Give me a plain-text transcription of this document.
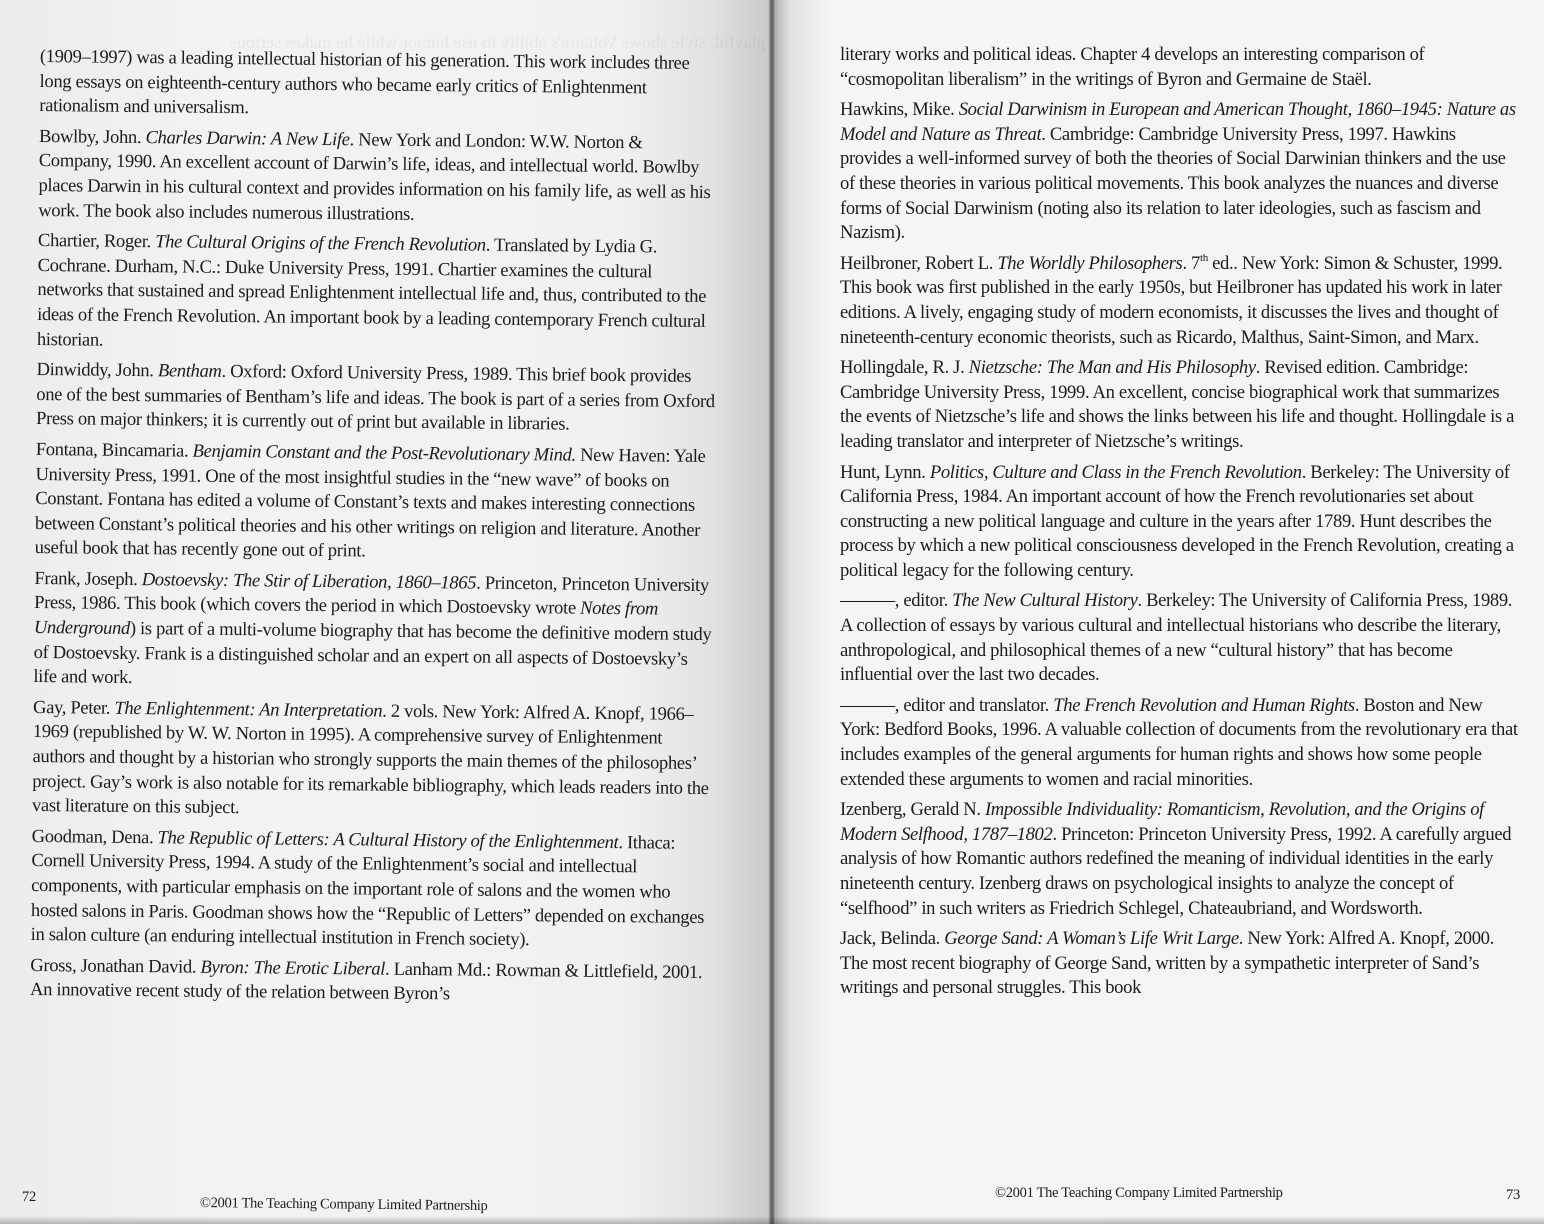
playful, style shows Voltaire's ability to use humor while he makes serious

(1909–1997) was a leading intellectual historian of his generation. This work includes three long essays on eighteenth-century authors who became early critics of Enlightenment rationalism and universalism.

Bowlby, John. Charles Darwin: A New Life. New York and London: W.W. Norton & Company, 1990. An excellent account of Darwin’s life, ideas, and intellectual world. Bowlby places Darwin in his cultural context and provides information on his family life, as well as his work. The book also includes numerous illustrations.

Chartier, Roger. The Cultural Origins of the French Revolution. Translated by Lydia G. Cochrane. Durham, N.C.: Duke University Press, 1991. Chartier examines the cultural networks that sustained and spread Enlightenment intellectual life and, thus, contributed to the ideas of the French Revolution. An important book by a leading contemporary French cultural historian.

Dinwiddy, John. Bentham. Oxford: Oxford University Press, 1989. This brief book provides one of the best summaries of Bentham’s life and ideas. The book is part of a series from Oxford Press on major thinkers; it is currently out of print but available in libraries.

Fontana, Bincamaria. Benjamin Constant and the Post-Revolutionary Mind. New Haven: Yale University Press, 1991. One of the most insightful studies in the “new wave” of books on Constant. Fontana has edited a volume of Constant’s texts and makes interesting connections between Constant’s political theories and his other writings on religion and literature. Another useful book that has recently gone out of print.

Frank, Joseph. Dostoevsky: The Stir of Liberation, 1860–1865. Princeton, Princeton University Press, 1986. This book (which covers the period in which Dostoevsky wrote Notes from Underground) is part of a multi-volume biography that has become the definitive modern study of Dostoevsky. Frank is a distinguished scholar and an expert on all aspects of Dostoevsky’s life and work.

Gay, Peter. The Enlightenment: An Interpretation. 2 vols. New York: Alfred A. Knopf, 1966–1969 (republished by W. W. Norton in 1995). A comprehensive survey of Enlightenment authors and thought by a historian who strongly supports the main themes of the philosophes’ project. Gay’s work is also notable for its remarkable bibliography, which leads readers into the vast literature on this subject.

Goodman, Dena. The Republic of Letters: A Cultural History of the Enlightenment. Ithaca: Cornell University Press, 1994. A study of the Enlightenment’s social and intellectual components, with particular emphasis on the important role of salons and the women who hosted salons in Paris. Goodman shows how the “Republic of Letters” depended on exchanges in salon culture (an enduring intellectual institution in French society).

Gross, Jonathan David. Byron: The Erotic Liberal. Lanham Md.: Rowman & Littlefield, 2001. An innovative recent study of the relation between Byron’s

72	©2001 The Teaching Company Limited Partnership

literary works and political ideas. Chapter 4 develops an interesting comparison of “cosmopolitan liberalism” in the writings of Byron and Germaine de Staël.

Hawkins, Mike. Social Darwinism in European and American Thought, 1860–1945: Nature as Model and Nature as Threat. Cambridge: Cambridge University Press, 1997. Hawkins provides a well-informed survey of both the theories of Social Darwinian thinkers and the use of these theories in various political movements. This book analyzes the nuances and diverse forms of Social Darwinism (noting also its relation to later ideologies, such as fascism and Nazism).

Heilbroner, Robert L. The Worldly Philosophers. 7th ed.. New York: Simon & Schuster, 1999. This book was first published in the early 1950s, but Heilbroner has updated his work in later editions. A lively, engaging study of modern economists, it discusses the lives and thought of nineteenth-century economic theorists, such as Ricardo, Malthus, Saint-Simon, and Marx.

Hollingdale, R. J. Nietzsche: The Man and His Philosophy. Revised edition. Cambridge: Cambridge University Press, 1999. An excellent, concise biographical work that summarizes the events of Nietzsche’s life and shows the links between his life and thought. Hollingdale is a leading translator and interpreter of Nietzsche’s writings.

Hunt, Lynn. Politics, Culture and Class in the French Revolution. Berkeley: The University of California Press, 1984. An important account of how the French revolutionaries set about constructing a new political language and culture in the years after 1789. Hunt describes the process by which a new political consciousness developed in the French Revolution, creating a political legacy for the following century.

———, editor. The New Cultural History. Berkeley: The University of California Press, 1989. A collection of essays by various cultural and intellectual historians who describe the literary, anthropological, and philosophical themes of a new “cultural history” that has become influential over the last two decades.

———, editor and translator. The French Revolution and Human Rights. Boston and New York: Bedford Books, 1996. A valuable collection of documents from the revolutionary era that includes examples of the general arguments for human rights and shows how some people extended these arguments to women and racial minorities.

Izenberg, Gerald N. Impossible Individuality: Romanticism, Revolution, and the Origins of Modern Selfhood, 1787–1802. Princeton: Princeton University Press, 1992. A carefully argued analysis of how Romantic authors redefined the meaning of individual identities in the early nineteenth century. Izenberg draws on psychological insights to analyze the concept of “selfhood” in such writers as Friedrich Schlegel, Chateaubriand, and Wordsworth.

Jack, Belinda. George Sand: A Woman’s Life Writ Large. New York: Alfred A. Knopf, 2000. The most recent biography of George Sand, written by a sympathetic interpreter of Sand’s writings and personal struggles. This book

©2001 The Teaching Company Limited Partnership	73
